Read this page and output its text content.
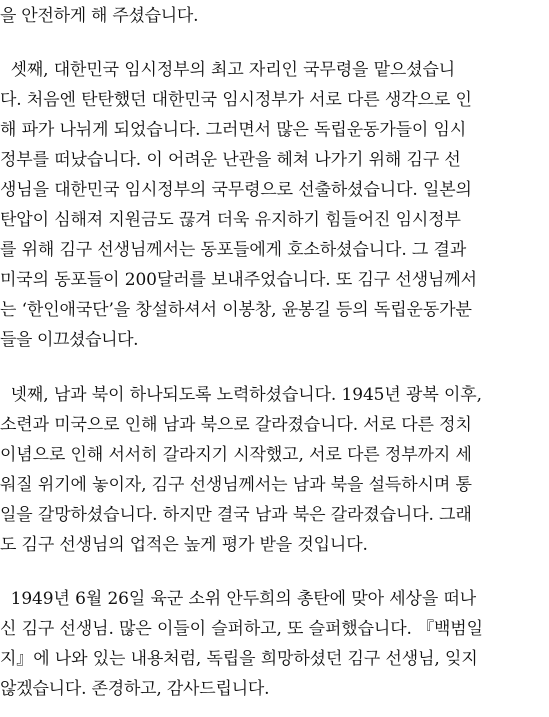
을 안전하게 해 주셨습니다.
셋째, 대한민국 임시정부의 최고 자리인 국무령을 맡으셨습니
다. 처음엔 탄탄했던 대한민국 임시정부가 서로 다른 생각으로 인
해 파가 나뉘게 되었습니다. 그러면서 많은 독립운동가들이 임시
정부를 떠났습니다. 이 어려운 난관을 헤쳐 나가기 위해 김구 선
생님을 대한민국 임시정부의 국무령으로 선출하셨습니다. 일본의
탄압이 심해져 지원금도 끊겨 더욱 유지하기 힘들어진 임시정부
를 위해 김구 선생님께서는 동포들에게 호소하셨습니다. 그 결과
미국의 동포들이 200달러를 보내주었습니다. 또 김구 선생님께서
는 ‘한인애국단’을 창설하셔서 이봉창, 윤봉길 등의 독립운동가분
들을 이끄셨습니다.
넷째, 남과 북이 하나되도록 노력하셨습니다. 1945년 광복 이후,
소련과 미국으로 인해 남과 북으로 갈라졌습니다. 서로 다른 정치
이념으로 인해 서서히 갈라지기 시작했고, 서로 다른 정부까지 세
워질 위기에 놓이자, 김구 선생님께서는 남과 북을 설득하시며 통
일을 갈망하셨습니다. 하지만 결국 남과 북은 갈라졌습니다. 그래
도 김구 선생님의 업적은 높게 평가 받을 것입니다.
1949년 6월 26일 육군 소위 안두희의 총탄에 맞아 세상을 떠나
신 김구 선생님. 많은 이들이 슬퍼하고, 또 슬퍼했습니다. 『백범일
지』에 나와 있는 내용처럼, 독립을 희망하셨던 김구 선생님, 잊지
않겠습니다. 존경하고, 감사드립니다.
